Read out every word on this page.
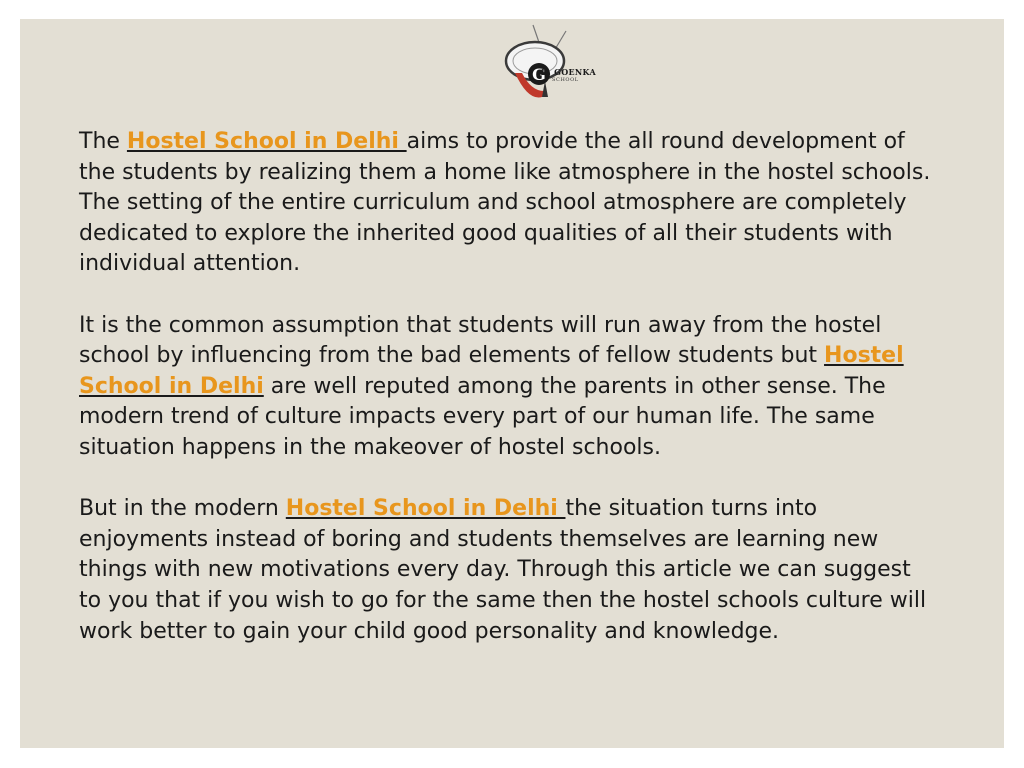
G
D. GOENKA
SCHOOL

The Hostel School in Delhi aims to provide the all round development of the students by realizing them a home like atmosphere in the hostel schools. The setting of the entire curriculum and school atmosphere are completely dedicated to explore the inherited good qualities of all their students with individual attention.

It is the common assumption that students will run away from the hostel school by influencing from the bad elements of fellow students but Hostel School in Delhi are well reputed among the parents in other sense. The modern trend of culture impacts every part of our human life. The same situation happens in the makeover of hostel schools.

But in the modern Hostel School in Delhi the situation turns into enjoyments instead of boring and students themselves are learning new things with new motivations every day. Through this article we can suggest to you that if you wish to go for the same then the hostel schools culture will work better to gain your child good personality and knowledge.
